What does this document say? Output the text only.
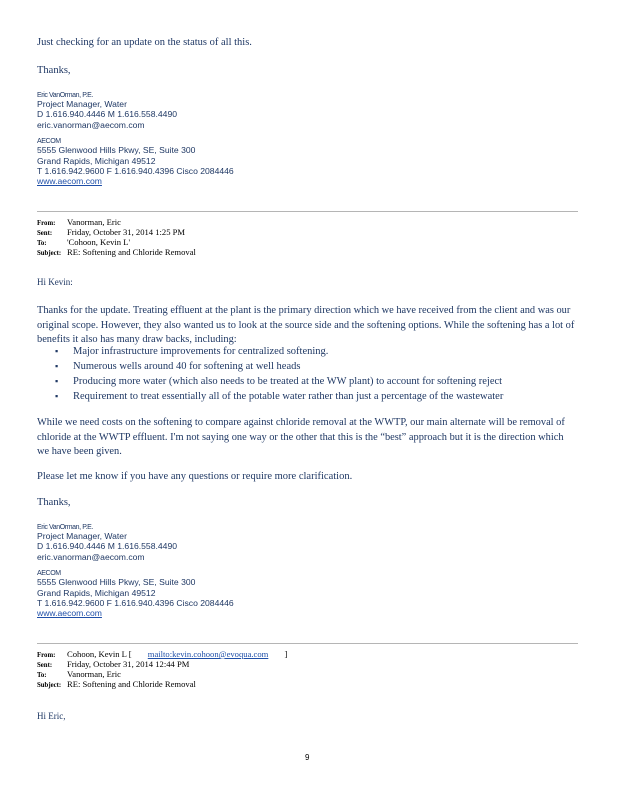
Just checking for an update on the status of all this.
Thanks,
Eric VanOrman, P.E.
Project Manager, Water
D 1.616.940.4446 M 1.616.558.4490
eric.vanorman@aecom.com
AECOM
5555 Glenwood Hills Pkwy, SE, Suite 300
Grand Rapids, Michigan 49512
T 1.616.942.9600 F 1.616.940.4396 Cisco 2084446
www.aecom.com
From: Vanorman, Eric
Sent: Friday, October 31, 2014 1:25 PM
To: 'Cohoon, Kevin L'
Subject: RE: Softening and Chloride Removal
Hi Kevin:
Thanks for the update. Treating effluent at the plant is the primary direction which we have received from the client and was our original scope. However, they also wanted us to look at the source side and the softening options. While the softening has a lot of benefits it also has many draw backs, including:
▪ Major infrastructure improvements for centralized softening.
▪ Numerous wells around 40 for softening at well heads
▪ Producing more water (which also needs to be treated at the WW plant) to account for softening reject
▪ Requirement to treat essentially all of the potable water rather than just a percentage of the wastewater
While we need costs on the softening to compare against chloride removal at the WWTP, our main alternate will be removal of chloride at the WWTP effluent. I'm not saying one way or the other that this is the “best” approach but it is the direction which we have been given.
Please let me know if you have any questions or require more clarification.
Thanks,
Eric VanOrman, P.E.
Project Manager, Water
D 1.616.940.4446 M 1.616.558.4490
eric.vanorman@aecom.com
AECOM
5555 Glenwood Hills Pkwy, SE, Suite 300
Grand Rapids, Michigan 49512
T 1.616.942.9600 F 1.616.940.4396 Cisco 2084446
www.aecom.com
From: Cohoon, Kevin L [ mailto:kevin.cohoon@evoqua.com ]
Sent: Friday, October 31, 2014 12:44 PM
To: Vanorman, Eric
Subject: RE: Softening and Chloride Removal
Hi Eric,
9
